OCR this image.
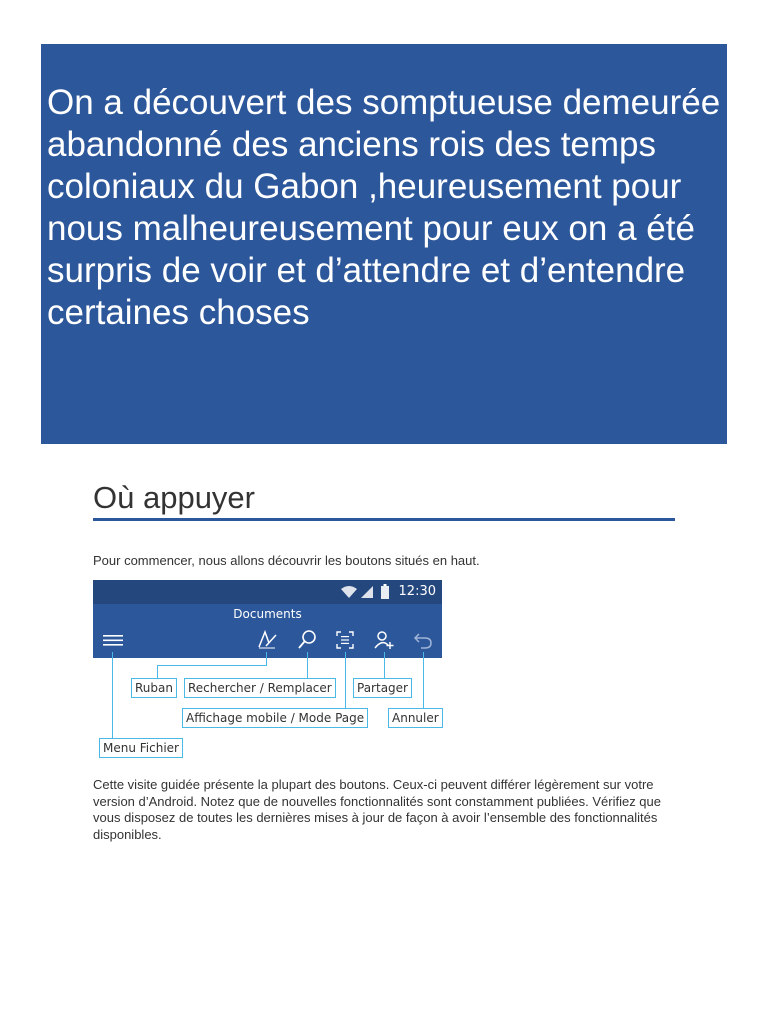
On a découvert des somptueuse demeurée abandonné des anciens rois des temps coloniaux du Gabon ,heureusement pour nous malheureusement pour eux on a été surpris de voir et d’attendre et d’entendre certaines choses

Où appuyer

Pour commencer, nous allons découvrir les boutons situés en haut.

12:30
Documents
Ruban	Rechercher / Remplacer	Partager
Affichage mobile / Mode Page	Annuler
Menu Fichier

Cette visite guidée présente la plupart des boutons. Ceux-ci peuvent différer légèrement sur votre version d’Android. Notez que de nouvelles fonctionnalités sont constamment publiées. Vérifiez que vous disposez de toutes les dernières mises à jour de façon à avoir l’ensemble des fonctionnalités disponibles.
